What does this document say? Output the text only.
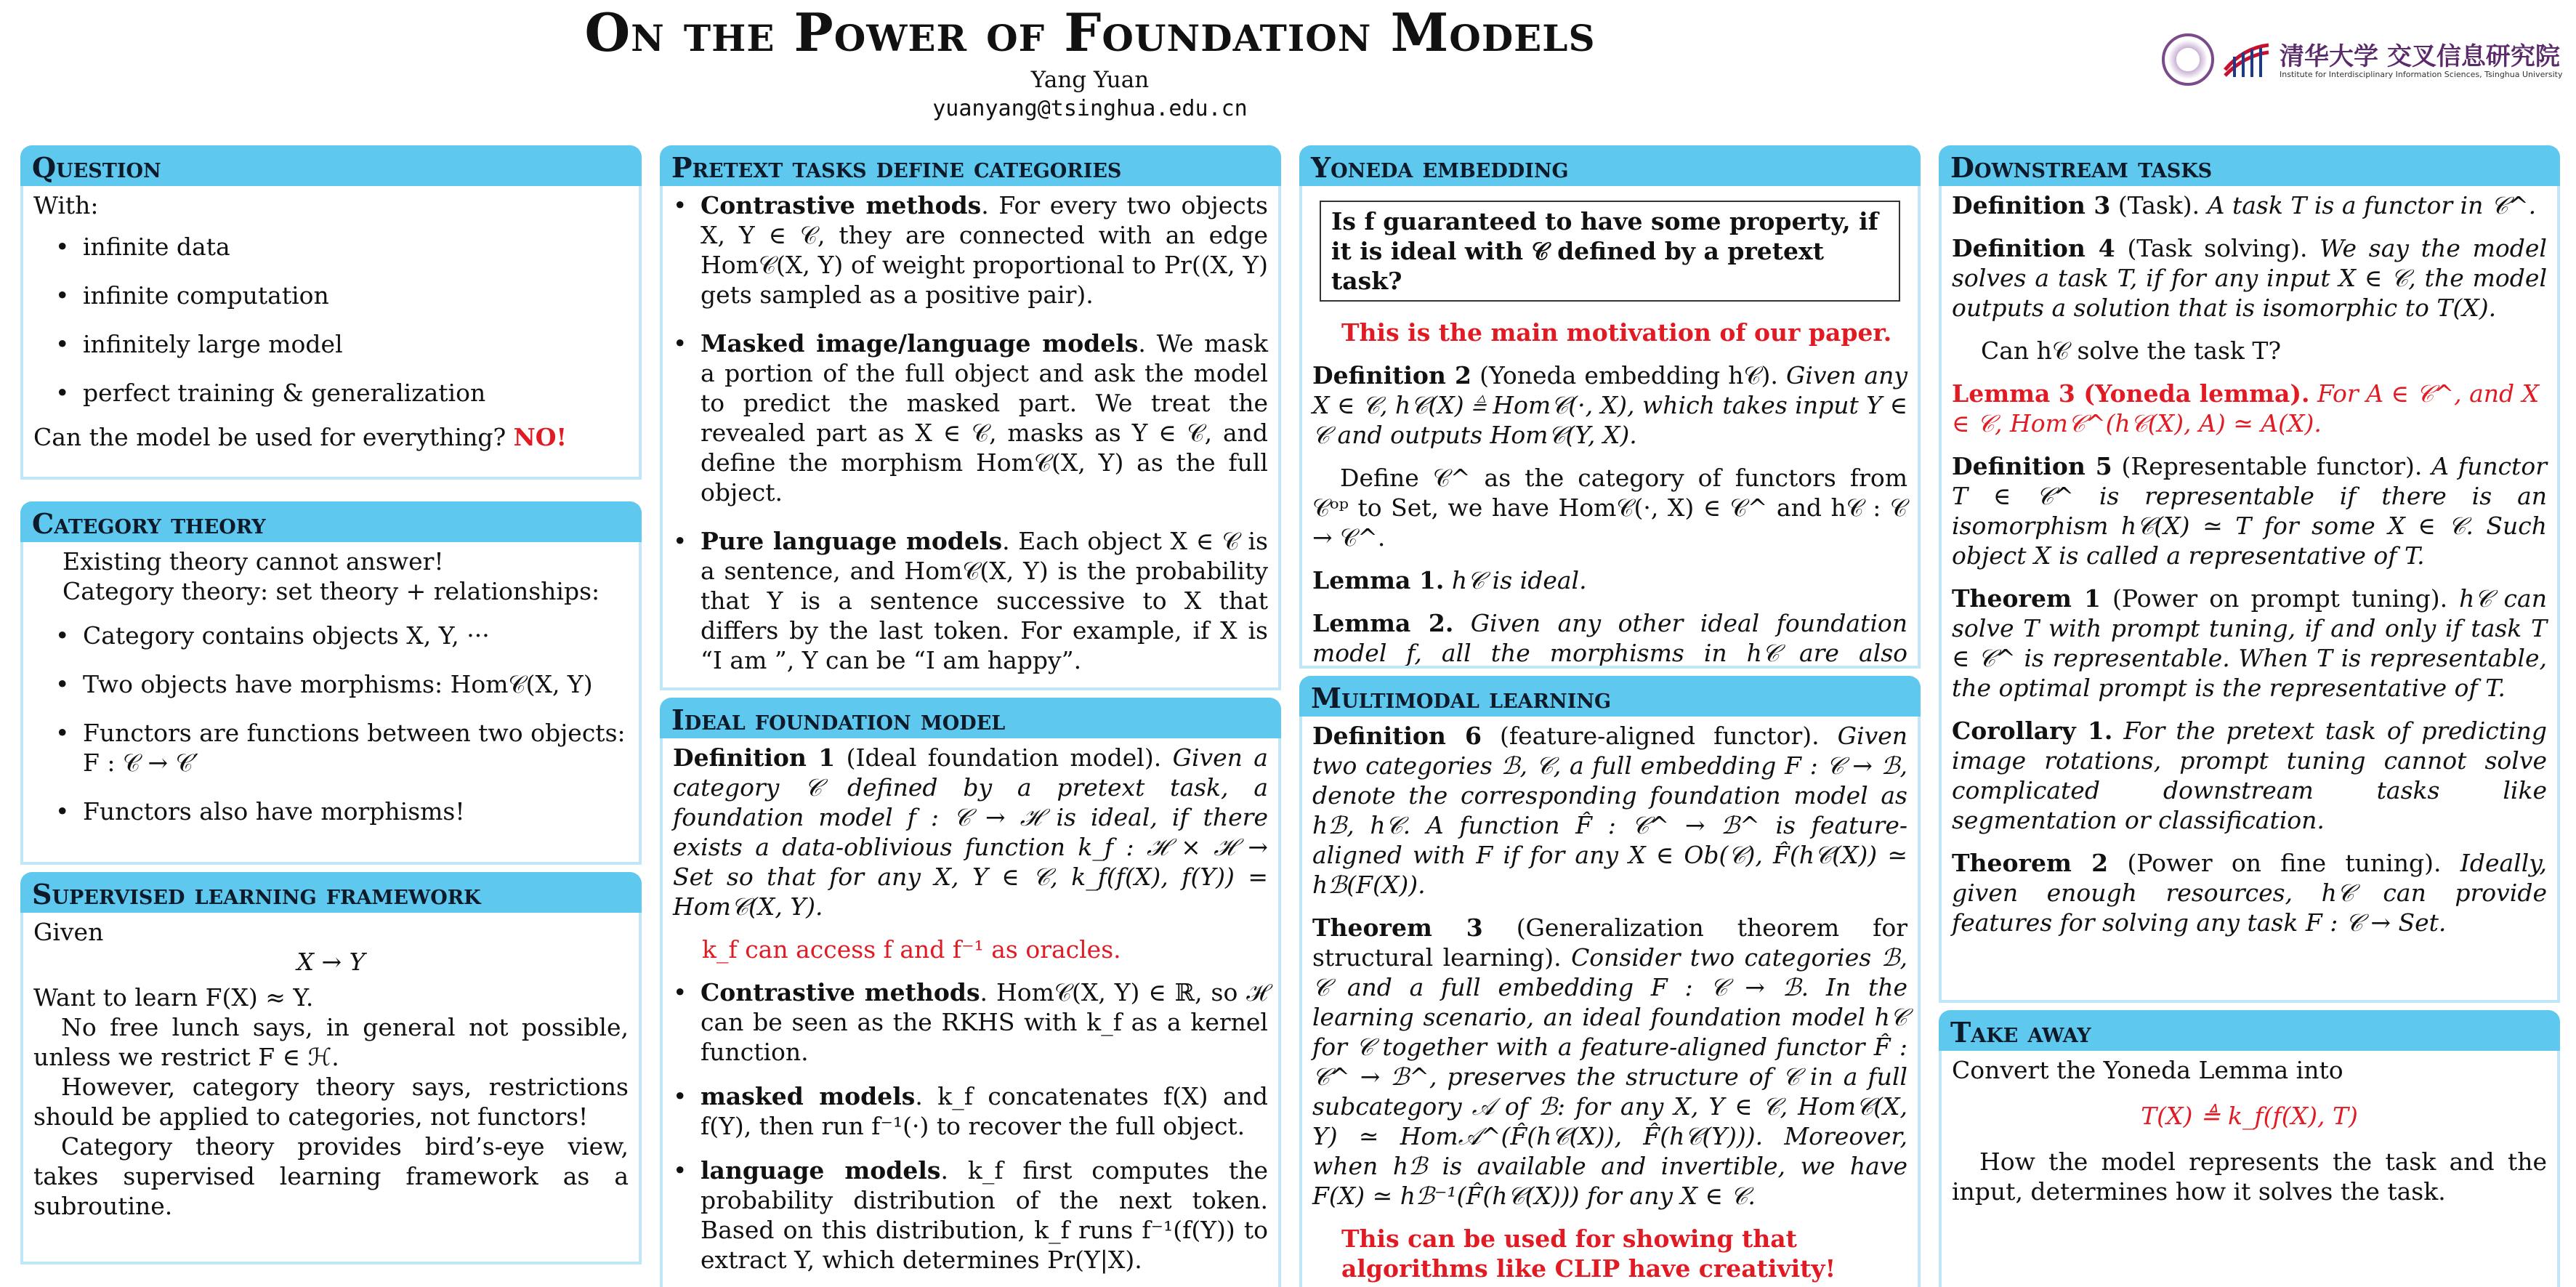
On the Power of Foundation Models
Yang Yuan
yuanyang@tsinghua.edu.cn
清华大学 交叉信息研究院
Institute for Interdisciplinary Information Sciences, Tsinghua University
Question

With:

• infinite data
• infinite computation
• infinitely large model
• perfect training & generalization

Can the model be used for everything? NO!

Category theory

Existing theory cannot answer!

Category theory: set theory + relationships:

• Category contains objects X, Y, ···
• Two objects have morphisms: Hom𝒞(X, Y)
• Functors are functions between two objects: F : 𝒞 → 𝒞′
• Functors also have morphisms!
Supervised learning framework

Given

X → Y

Want to learn F(X) ≈ Y.

No free lunch says, in general not possible, unless we restrict F ∈ ℋ.

However, category theory says, restrictions should be applied to categories, not functors!

Category theory provides bird’s-eye view, takes supervised learning framework as a subroutine.

Pretext tasks define categories
• Contrastive methods. For every two objects X, Y ∈ 𝒞, they are connected with an edge Hom𝒞(X, Y) of weight proportional to Pr((X, Y) gets sampled as a positive pair).
• Masked image/language models. We mask a portion of the full object and ask the model to predict the masked part. We treat the revealed part as X ∈ 𝒞, masks as Y ∈ 𝒞, and define the morphism Hom𝒞(X, Y) as the full object.
• Pure language models. Each object X ∈ 𝒞 is a sentence, and Hom𝒞(X, Y) is the probability that Y is a sentence successive to X that differs by the last token. For example, if X is “I am ”, Y can be “I am happy”.
Ideal foundation model

Definition 1 (Ideal foundation model). Given a category 𝒞 defined by a pretext task, a foundation model f : 𝒞 → ℋ is ideal, if there exists a data-oblivious function k_f : ℋ × ℋ → Set so that for any X, Y ∈ 𝒞, k_f(f(X), f(Y)) = Hom𝒞(X, Y).

k_f can access f and f⁻¹ as oracles.

• Contrastive methods. Hom𝒞(X, Y) ∈ ℝ, so ℋ can be seen as the RKHS with k_f as a kernel function.
• masked models. k_f concatenates f(X) and f(Y), then run f⁻¹(·) to recover the full object.
• language models. k_f first computes the probability distribution of the next token. Based on this distribution, k_f runs f⁻¹(f(Y)) to extract Y, which determines Pr(Y|X).
Yoneda embedding
Is f guaranteed to have some property, if it is ideal with 𝒞 defined by a pretext task?

This is the main motivation of our paper.

Definition 2 (Yoneda embedding h𝒞). Given any X ∈ 𝒞, h𝒞(X) ≜ Hom𝒞(·, X), which takes input Y ∈ 𝒞 and outputs Hom𝒞(Y, X).

Define 𝒞^ as the category of functors from 𝒞ᵒᵖ to Set, we have Hom𝒞(·, X) ∈ 𝒞^ and h𝒞 : 𝒞 → 𝒞^.

Lemma 1. h𝒞 is ideal.

Lemma 2. Given any other ideal foundation model f, all the morphisms in h𝒞 are also

Multimodal learning

Definition 6 (feature-aligned functor). Given two categories ℬ, 𝒞, a full embedding F : 𝒞 → ℬ, denote the corresponding foundation model as hℬ, h𝒞. A function F̂ : 𝒞^ → ℬ^ is feature-aligned with F if for any X ∈ Ob(𝒞), F̂(h𝒞(X)) ≃ hℬ(F(X)).

Theorem 3 (Generalization theorem for structural learning). Consider two categories ℬ, 𝒞 and a full embedding F : 𝒞 → ℬ. In the learning scenario, an ideal foundation model h𝒞 for 𝒞 together with a feature-aligned functor F̂ : 𝒞^ → ℬ^, preserves the structure of 𝒞 in a full subcategory 𝒜 of ℬ: for any X, Y ∈ 𝒞, Hom𝒞(X, Y) ≃ Hom𝒜^(F̂(h𝒞(X)), F̂(h𝒞(Y))). Moreover, when hℬ is available and invertible, we have F(X) ≃ hℬ⁻¹(F̂(h𝒞(X))) for any X ∈ 𝒞.

This can be used for showing that algorithms like CLIP have creativity!

Downstream tasks

Definition 3 (Task). A task T is a functor in 𝒞^.

Definition 4 (Task solving). We say the model solves a task T, if for any input X ∈ 𝒞, the model outputs a solution that is isomorphic to T(X).

Can h𝒞 solve the task T?

Lemma 3 (Yoneda lemma). For A ∈ 𝒞^, and X ∈ 𝒞, Hom𝒞^(h𝒞(X), A) ≃ A(X).

Definition 5 (Representable functor). A functor T ∈ 𝒞^ is representable if there is an isomorphism h𝒞(X) ≃ T for some X ∈ 𝒞. Such object X is called a representative of T.

Theorem 1 (Power on prompt tuning). h𝒞 can solve T with prompt tuning, if and only if task T ∈ 𝒞^ is representable. When T is representable, the optimal prompt is the representative of T.

Corollary 1. For the pretext task of predicting image rotations, prompt tuning cannot solve complicated downstream tasks like segmentation or classification.

Theorem 2 (Power on fine tuning). Ideally, given enough resources, h𝒞 can provide features for solving any task F : 𝒞 → Set.

Take away

Convert the Yoneda Lemma into

T(X) ≜ k_f(f(X), T)

How the model represents the task and the input, determines how it solves the task.
